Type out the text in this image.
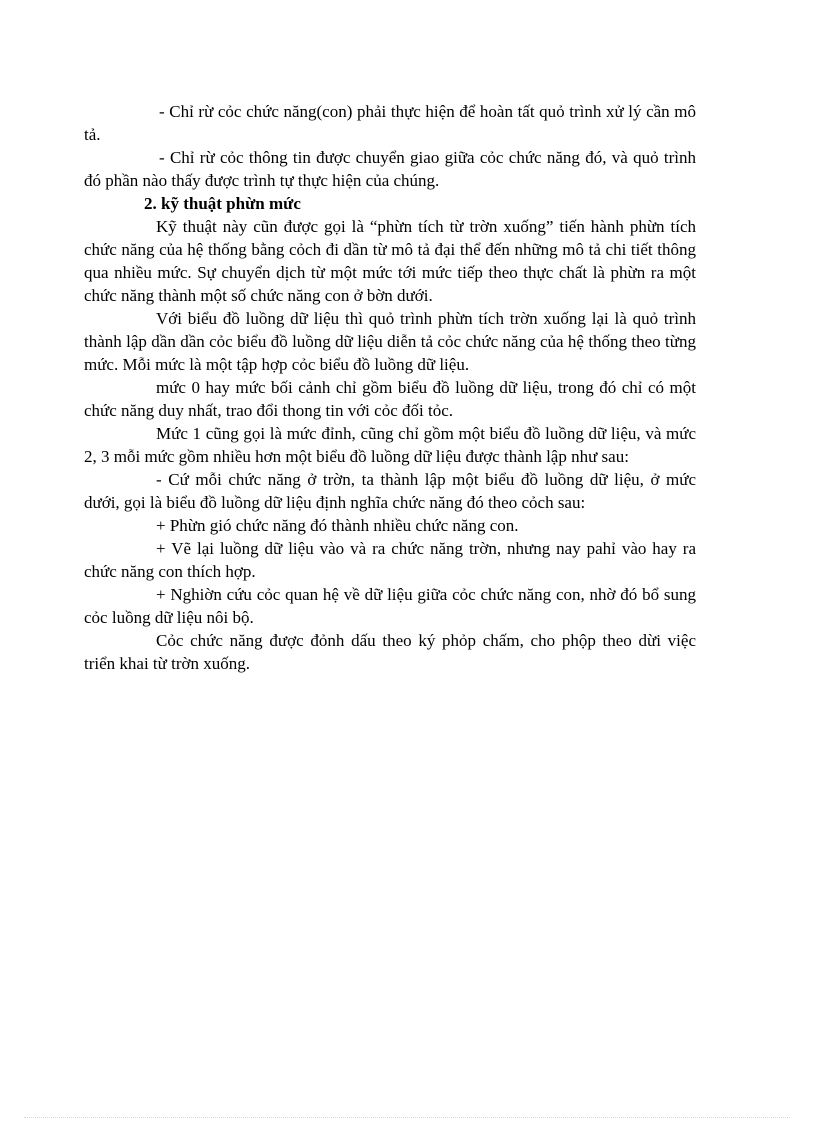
- Chỉ rừ cỏc chức năng(con) phải thực hiện để hoàn tất quỏ trình xử lý cần mô tả.

- Chỉ rừ cỏc thông tin được chuyển giao giữa cỏc chức năng đó, và quỏ trình đó phần nào thấy được trình tự thực hiện của chúng.

2. kỹ thuật phừn mức

Kỹ thuật này cũn được gọi là “phừn tích từ trờn xuống” tiến hành phừn tích chức năng của hệ thống bằng cỏch đi dần từ mô tả đại thể đến những mô tả chi tiết thông qua nhiều mức. Sự chuyển dịch từ một mức tới mức tiếp theo thực chất là phừn ra một chức năng thành một số chức năng con ở bờn dưới.

Với biểu đồ luồng dữ liệu thì quỏ trình phừn tích trờn xuống lại là quỏ trình thành lập dần dần cỏc biểu đồ luồng dữ liệu diễn tả cỏc chức năng của hệ thống theo từng mức. Mỗi mức là một tập hợp cỏc biểu đồ luồng dữ liệu.

mức 0 hay mức bối cảnh chỉ gồm biểu đồ luồng dữ liệu, trong đó chỉ có một chức năng duy nhất, trao đổi thong tin với cỏc đối tỏc.

Mức 1 cũng gọi là mức đỉnh, cũng chỉ gồm một biểu đồ luồng dữ liệu, và mức 2, 3 mỗi mức gồm nhiều hơn một biểu đồ luồng dữ liệu được thành lập như sau:

- Cứ mỗi chức năng ở trờn, ta thành lập một biểu đồ luồng dữ liệu, ở mức dưới, gọi là biểu đồ luồng dữ liệu định nghĩa chức năng đó theo cỏch sau:

+ Phừn gió chức năng đó thành nhiều chức năng con.

+ Vẽ lại luồng dữ liệu vào và ra chức năng trờn, nhưng nay pahỉ vào hay ra chức năng con thích hợp.

+ Nghiờn cứu cỏc quan hệ về dữ liệu giữa cỏc chức năng con, nhờ đó bổ sung cỏc luồng dữ liệu nôi bộ.

Cỏc chức năng được đỏnh dấu theo ký phỏp chấm, cho phộp theo dừi việc triển khai từ trờn xuống.
